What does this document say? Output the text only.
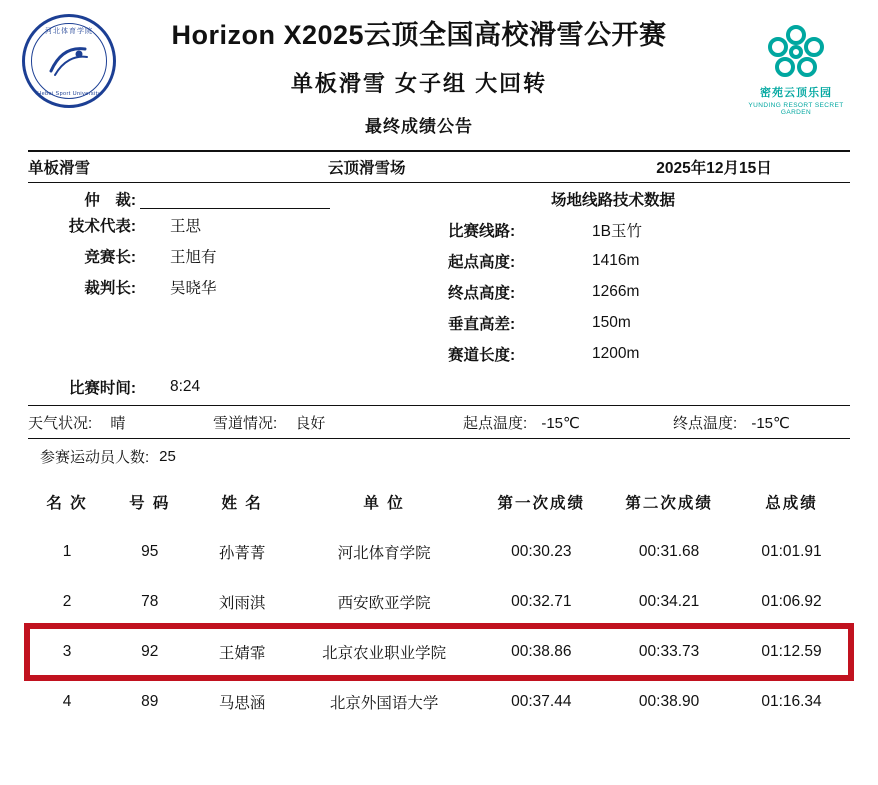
河北体育学院
Hebei Sport University
Horizon X2025云顶全国高校滑雪公开赛
单板滑雪 女子组 大回转
最终成绩公告
密苑云顶乐园
YUNDING RESORT SECRET GARDEN
单板滑雪	云顶滑雪场	2025年12月15日
仲　裁:
技术代表:	王思
竞赛长:	王旭有
裁判长:	吴晓华
场地线路技术数据
比赛线路:	1B玉竹
起点高度:	1416m
终点高度:	1266m
垂直高差:	150m
赛道长度:	1200m
比赛时间:	8:24
天气状况: 晴	雪道情况: 良好	起点温度: -15℃	终点温度: -15℃
参赛运动员人数: 25
名 次	号 码	姓 名	单 位	第一次成绩	第二次成绩	总成绩
1	95	孙菁菁	河北体育学院	00:30.23	00:31.68	01:01.91
2	78	刘雨淇	西安欧亚学院	00:32.71	00:34.21	01:06.92
3	92	王婧霏	北京农业职业学院	00:38.86	00:33.73	01:12.59
4	89	马思涵	北京外国语大学	00:37.44	00:38.90	01:16.34
